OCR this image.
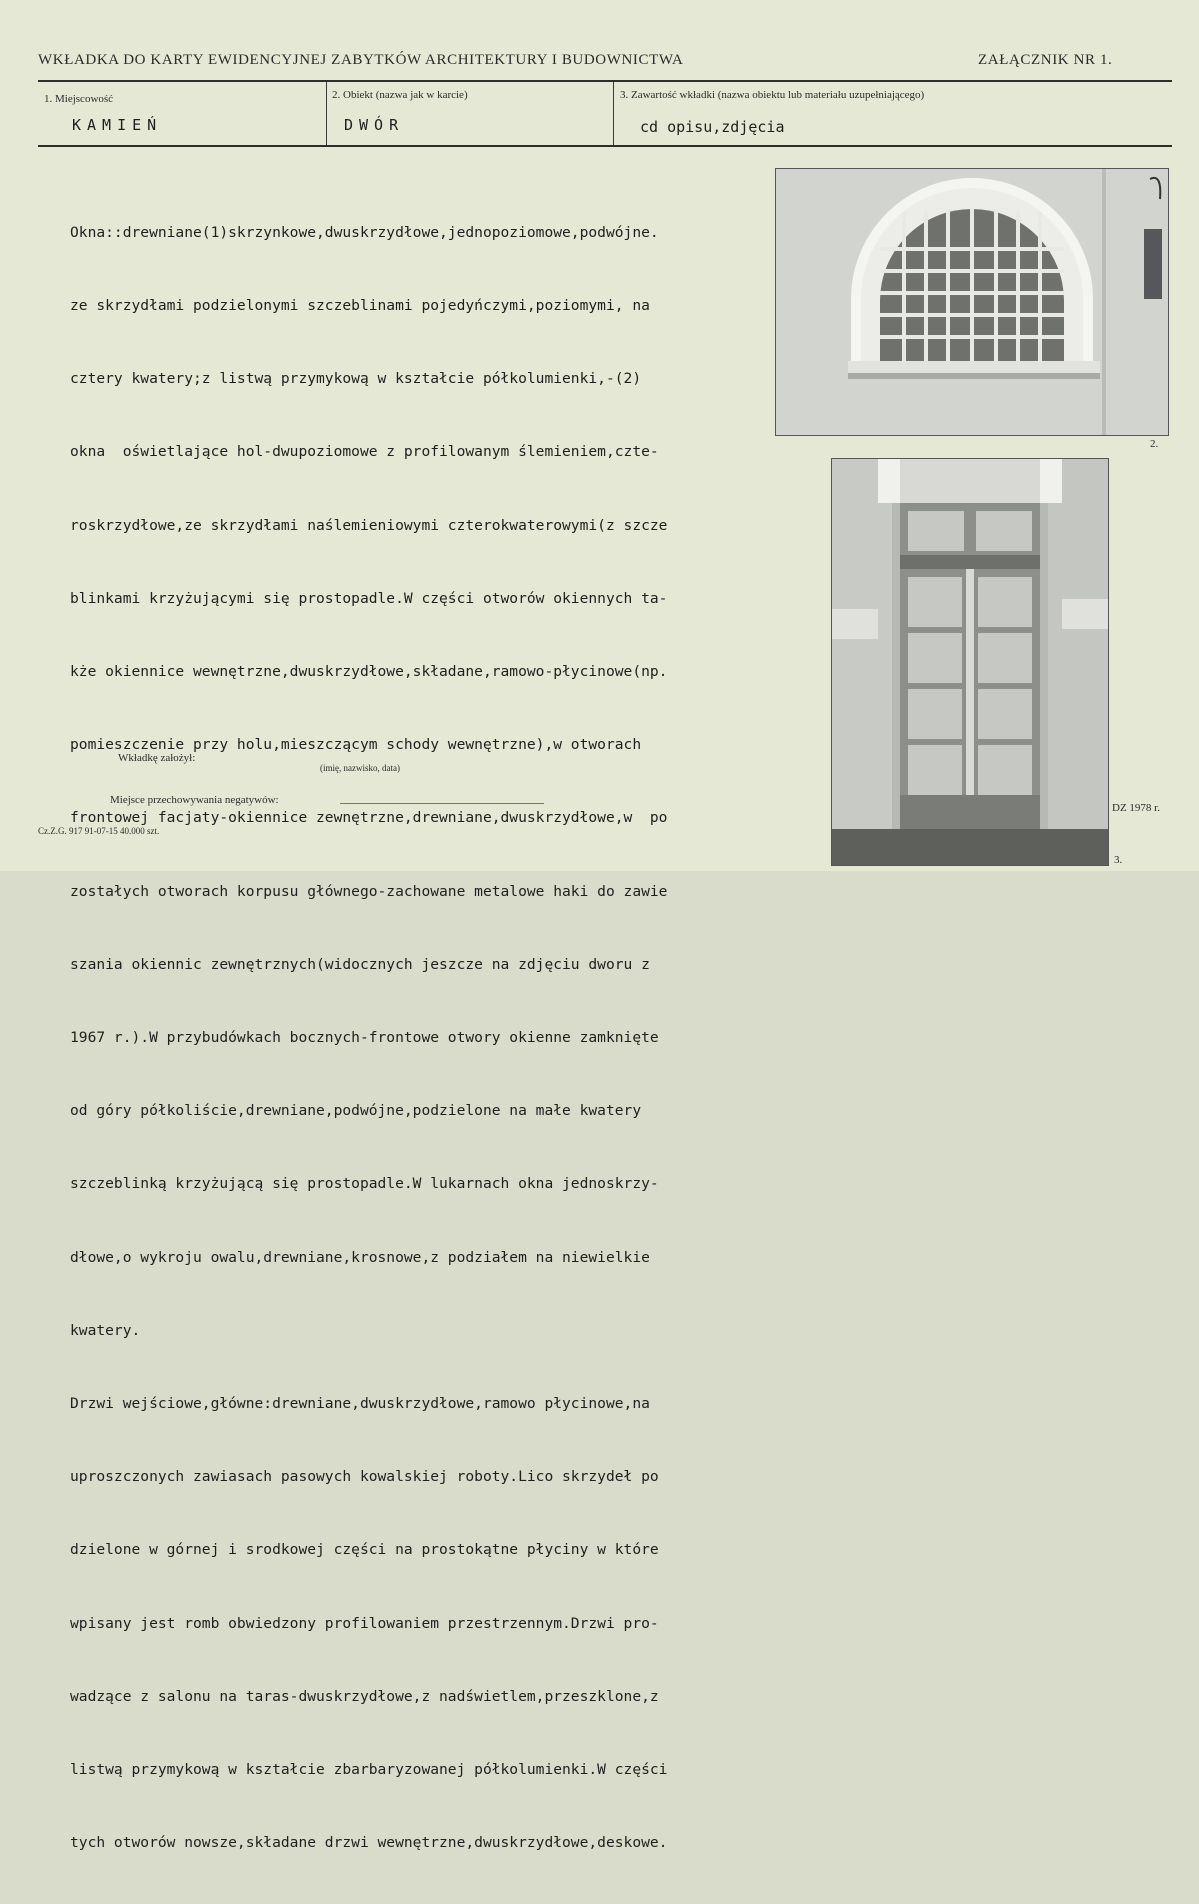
WKŁADKA DO KARTY EWIDENCYJNEJ ZABYTKÓW ARCHITEKTURY I BUDOWNICTWA	ZAŁĄCZNIK NR 1.
1. Miejscowość
KAMIEŃ
2. Obiekt (nazwa jak w karcie)
DWÓR
3. Zawartość wkładki (nazwa obiektu lub materiału uzupełniającego)
cd opisu,zdjęcia

Okna::drewniane(1)skrzynkowe,dwuskrzydłowe,jednopoziomowe,podwójne.

ze skrzydłami podzielonymi szczeblinami pojedyńczymi,poziomymi, na

cztery kwatery;z listwą przymykową w kształcie półkolumienki,-(2)

okna  oświetlające hol-dwupoziomowe z profilowanym ślemieniem,czte-

roskrzydłowe,ze skrzydłami naślemieniowymi czterokwaterowymi(z szcze

blinkami krzyżującymi się prostopadle.W części otworów okiennych ta-

kże okiennice wewnętrzne,dwuskrzydłowe,składane,ramowo-płycinowe(np.

pomieszczenie przy holu,mieszczącym schody wewnętrzne),w otworach

frontowej facjaty-okiennice zewnętrzne,drewniane,dwuskrzydłowe,w  po

zostałych otworach korpusu głównego-zachowane metalowe haki do zawie

szania okiennic zewnętrznych(widocznych jeszcze na zdjęciu dworu z

1967 r.).W przybudówkach bocznych-frontowe otwory okienne zamknięte

od góry półkoliście,drewniane,podwójne,podzielone na małe kwatery

szczeblinką krzyżującą się prostopadle.W lukarnach okna jednoskrzy-

dłowe,o wykroju owalu,drewniane,krosnowe,z podziałem na niewielkie

kwatery.

Drzwi wejściowe,główne:drewniane,dwuskrzydłowe,ramowo płycinowe,na

uproszczonych zawiasach pasowych kowalskiej roboty.Lico skrzydeł po

dzielone w górnej i srodkowej części na prostokątne płyciny w które

wpisany jest romb obwiedzony profilowaniem przestrzennym.Drzwi pro-

wadzące z salonu na taras-dwuskrzydłowe,z nadświetlem,przeszklone,z

listwą przymykową w kształcie zbarbaryzowanej półkolumienki.W części

tych otworów nowsze,składane drzwi wewnętrzne,dwuskrzydłowe,deskowe.

Wkładkę założył:
(imię, nazwisko, data)
Miejsce przechowywania negatywów:
Cz.Z.G. 917 91-07-15 40.000 szt.
DZ 1978 r.
2.
3.
